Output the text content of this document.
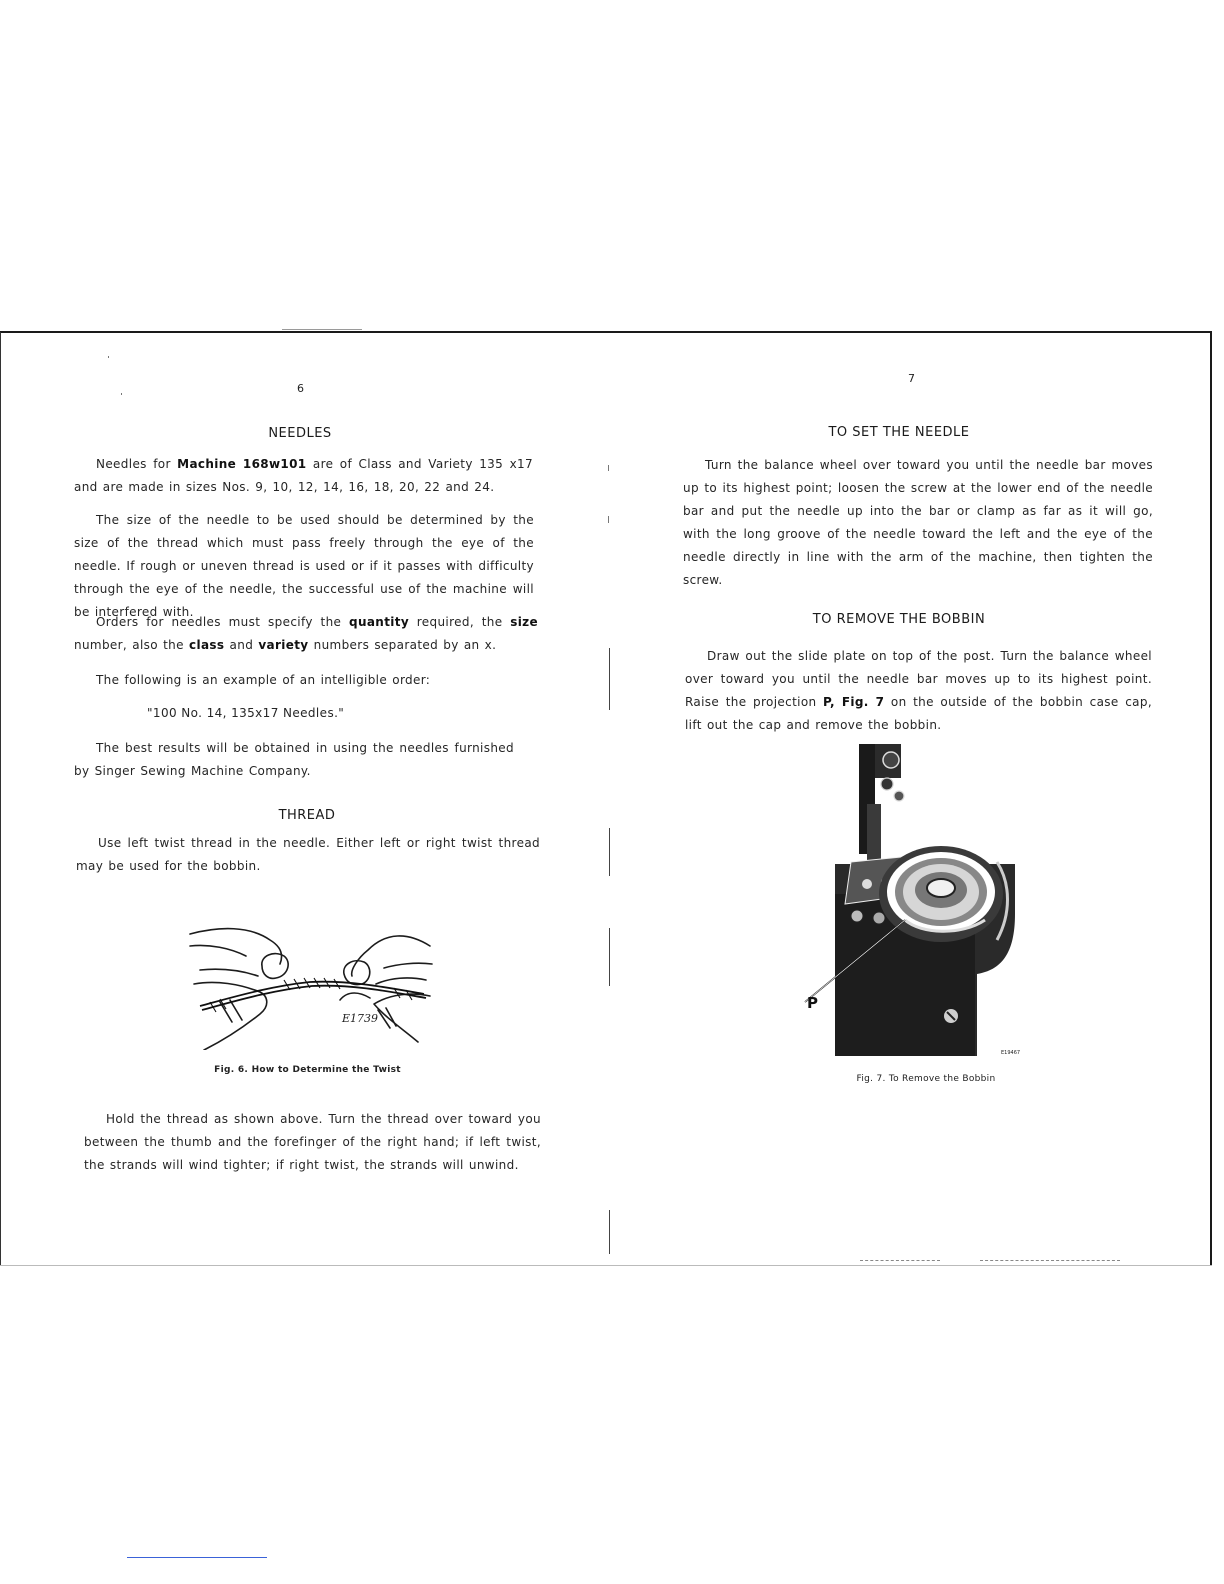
6
NEEDLES

Needles for Machine 168w101 are of Class and Variety 135 x17 and are made in sizes Nos. 9, 10, 12, 14, 16, 18, 20, 22 and 24.

The size of the needle to be used should be determined by the size of the thread which must pass freely through the eye of the needle. If rough or uneven thread is used or if it passes with difficulty through the eye of the needle, the successful use of the machine will be interfered with.

Orders for needles must specify the quantity required, the size number, also the class and variety numbers separated by an x.

The following is an example of an intelligible order:

"100 No. 14, 135x17 Needles."

The best results will be obtained in using the needles furnished by Singer Sewing Machine Company.

THREAD

Use left twist thread in the needle. Either left or right twist thread may be used for the bobbin.

E1739
Fig. 6. How to Determine the Twist

Hold the thread as shown above. Turn the thread over toward you between the thumb and the forefinger of the right hand; if left twist, the strands will wind tighter; if right twist, the strands will unwind.

7
TO SET THE NEEDLE

Turn the balance wheel over toward you until the needle bar moves up to its highest point; loosen the screw at the lower end of the needle bar and put the needle up into the bar or clamp as far as it will go, with the long groove of the needle toward the left and the eye of the needle directly in line with the arm of the machine, then tighten the screw.

TO REMOVE THE BOBBIN

Draw out the slide plate on top of the post. Turn the balance wheel over toward you until the needle bar moves up to its highest point. Raise the projection P, Fig. 7 on the outside of the bobbin case cap, lift out the cap and remove the bobbin.

E19467
P
Fig. 7. To Remove the Bobbin
